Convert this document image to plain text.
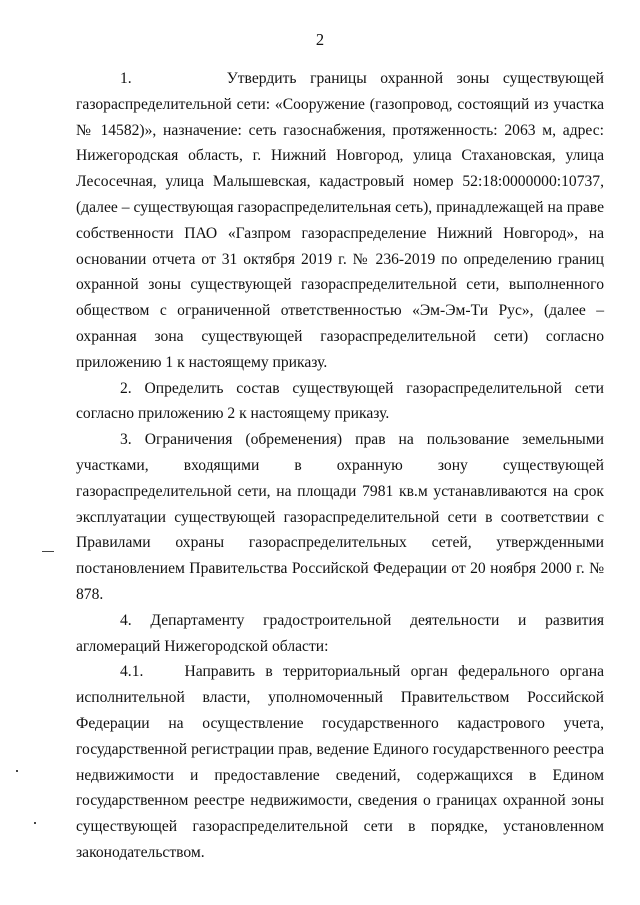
2

1.       Утвердить границы охранной зоны существующей газораспределительной сети: «Сооружение (газопровод, состоящий из участка № 14582)», назначение: сеть газоснабжения, протяженность: 2063 м, адрес: Нижегородская область, г. Нижний Новгород, улица Стахановская, улица Лесосечная, улица Малышевская, кадастровый номер 52:18:0000000:10737, (далее – существующая газораспределительная сеть), принадлежащей на праве собственности ПАО «Газпром газораспределение Нижний Новгород», на основании отчета от 31 октября 2019 г. № 236-2019 по определению границ охранной зоны существующей газораспределительной сети, выполненного обществом с ограниченной ответственностью «Эм-Эм-Ти Рус», (далее – охранная зона существующей газораспределительной сети) согласно приложению 1 к настоящему приказу.

2. Определить состав существующей газораспределительной сети согласно приложению 2 к настоящему приказу.

3. Ограничения (обременения) прав на пользование земельными участками, входящими в охранную зону существующей газораспределительной сети, на площади 7981 кв.м устанавливаются на срок эксплуатации существующей газораспределительной сети в соответствии с Правилами охраны газораспределительных сетей, утвержденными постановлением Правительства Российской Федерации от 20 ноября 2000 г. № 878.

4. Департаменту градостроительной деятельности и развития агломераций Нижегородской области:

4.1.    Направить в территориальный орган федерального органа исполнительной власти, уполномоченный Правительством Российской Федерации на осуществление государственного кадастрового учета, государственной регистрации прав, ведение Единого государственного реестра недвижимости и предоставление сведений, содержащихся в Едином государственном реестре недвижимости, сведения о границах охранной зоны существующей газораспределительной сети в порядке, установленном законодательством.
